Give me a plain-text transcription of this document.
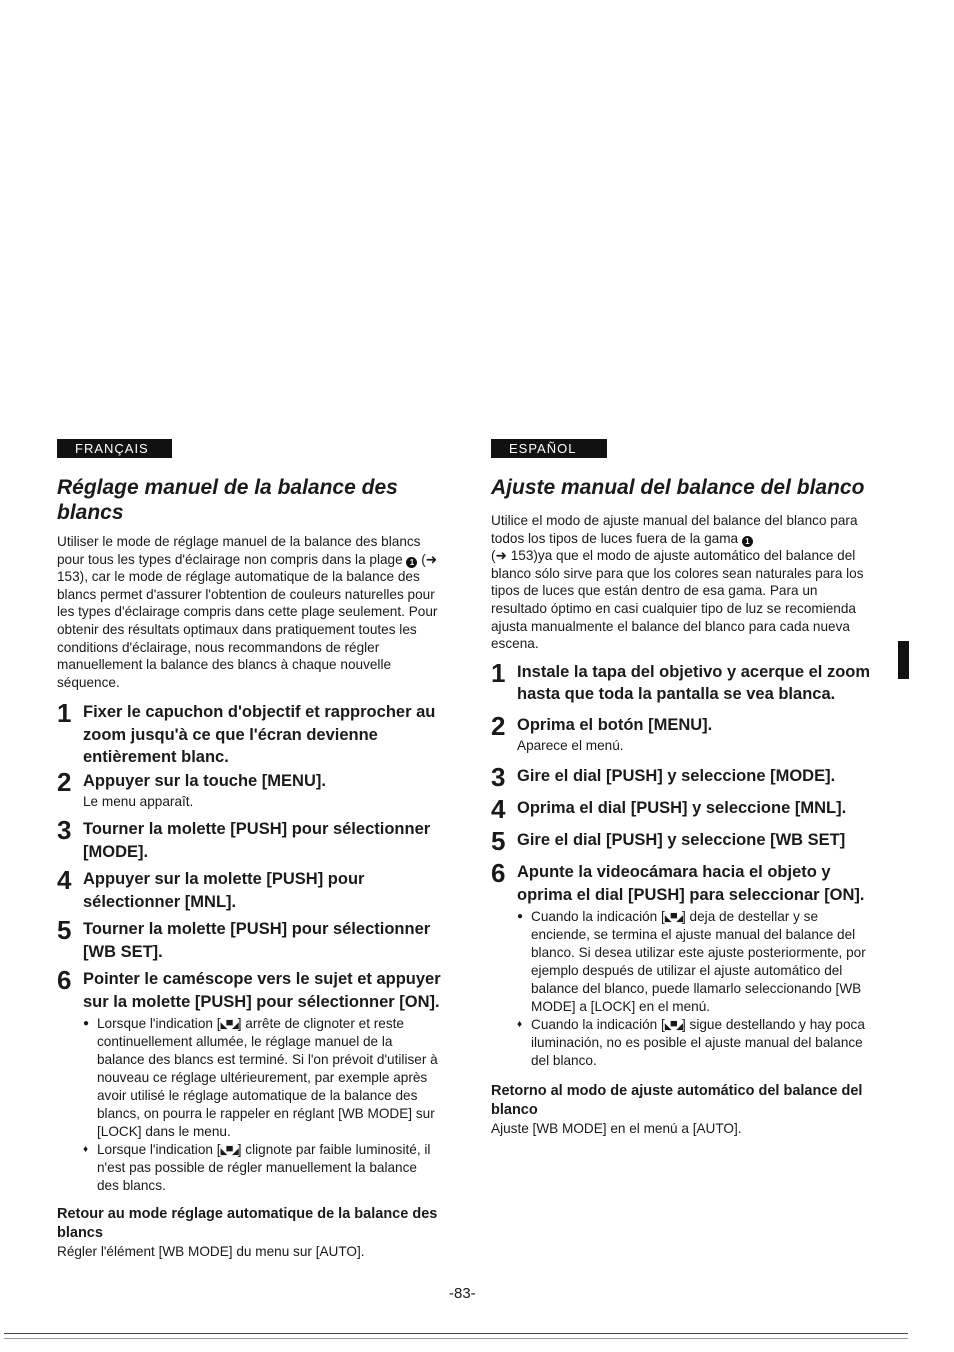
FRANÇAIS
Réglage manuel de la balance des blancs

Utiliser le mode de réglage manuel de la balance des blancs pour tous les types d'éclairage non compris dans la plage 1 (➜ 153), car le mode de réglage automatique de la balance des blancs permet d'assurer l'obtention de couleurs naturelles pour les types d'éclairage compris dans cette plage seulement. Pour obtenir des résultats optimaux dans pratiquement toutes les conditions d'éclairage, nous recommandons de régler manuellement la balance des blancs à chaque nouvelle séquence.

1 Fixer le capuchon d'objectif et rapprocher au zoom jusqu'à ce que l'écran devienne entièrement blanc.
2 Appuyer sur la touche [MENU].
Le menu apparaît.
3 Tourner la molette [PUSH] pour sélectionner [MODE].
4 Appuyer sur la molette [PUSH] pour sélectionner [MNL].
5 Tourner la molette [PUSH] pour sélectionner [WB SET].
6 Pointer le caméscope vers le sujet et appuyer sur la molette [PUSH] pour sélectionner [ON].
● Lorsque l'indication [◣▀◢] arrête de clignoter et reste continuellement allumée, le réglage manuel de la balance des blancs est terminé. Si l'on prévoit d'utiliser à nouveau ce réglage ultérieurement, par exemple après avoir utilisé le réglage automatique de la balance des blancs, on pourra le rappeler en réglant [WB MODE] sur [LOCK] dans le menu.
♦ Lorsque l'indication [◣▀◢] clignote par faible luminosité, il n'est pas possible de régler manuellement la balance des blancs.
Retour au mode réglage automatique de la balance des blancs
Régler l'élément [WB MODE] du menu sur [AUTO].
ESPAÑOL
Ajuste manual del balance del blanco

Utilice el modo de ajuste manual del balance del blanco para todos los tipos de luces fuera de la gama 1
(➜ 153)ya que el modo de ajuste automático del balance del blanco sólo sirve para que los colores sean naturales para los tipos de luces que están dentro de esa gama. Para un resultado óptimo en casi cualquier tipo de luz se recomienda ajusta manualmente el balance del blanco para cada nueva escena.

1 Instale la tapa del objetivo y acerque el zoom hasta que toda la pantalla se vea blanca.
2 Oprima el botón [MENU].
Aparece el menú.
3 Gire el dial [PUSH] y seleccione [MODE].
4 Oprima el dial [PUSH] y seleccione [MNL].
5 Gire el dial [PUSH] y seleccione [WB SET]
6 Apunte la videocámara hacia el objeto y oprima el dial [PUSH] para seleccionar [ON].
● Cuando la indicación [◣▀◢] deja de destellar y se enciende, se termina el ajuste manual del balance del blanco. Si desea utilizar este ajuste posteriormente, por ejemplo después de utilizar el ajuste automático del balance del blanco, puede llamarlo seleccionando [WB MODE] a [LOCK] en el menú.
♦ Cuando la indicación [◣▀◢] sigue destellando y hay poca iluminación, no es posible el ajuste manual del balance del blanco.
Retorno al modo de ajuste automático del balance del blanco
Ajuste [WB MODE] en el menú a [AUTO].
-83-
